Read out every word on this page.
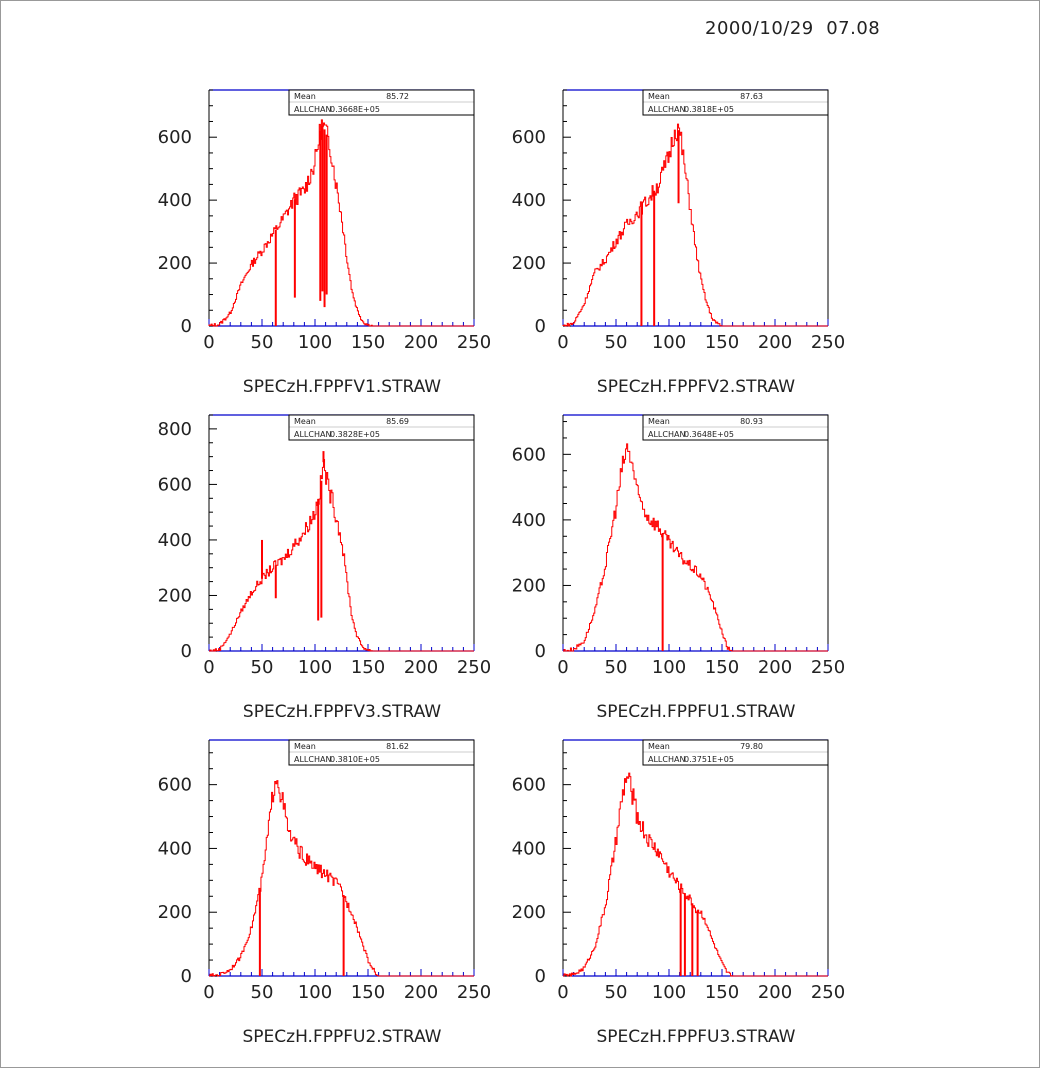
2000/10/29  07.08
0 50 100 150 200 250
0
200
400
600
Mean	85.72
ALLCHAN
0.3668E+05
SPECzH.FPPFV1.STRAW
0 50 100 150 200 250
0
200
400
600
Mean	87.63
ALLCHAN
0.3818E+05
SPECzH.FPPFV2.STRAW
0 50 100 150 200 250
0
200
400
600
800	Mean	85.69
ALLCHAN
0.3828E+05
SPECzH.FPPFV3.STRAW
0 50 100 150 200 250
0
200
400
600
Mean	80.93
ALLCHAN
0.3648E+05
SPECzH.FPPFU1.STRAW
0 50 100 150 200 250
0
200
400
600
Mean	81.62
ALLCHAN
0.3810E+05
SPECzH.FPPFU2.STRAW
0 50 100 150 200 250
0
200
400
600
Mean	79.80
ALLCHAN
0.3751E+05
SPECzH.FPPFU3.STRAW
